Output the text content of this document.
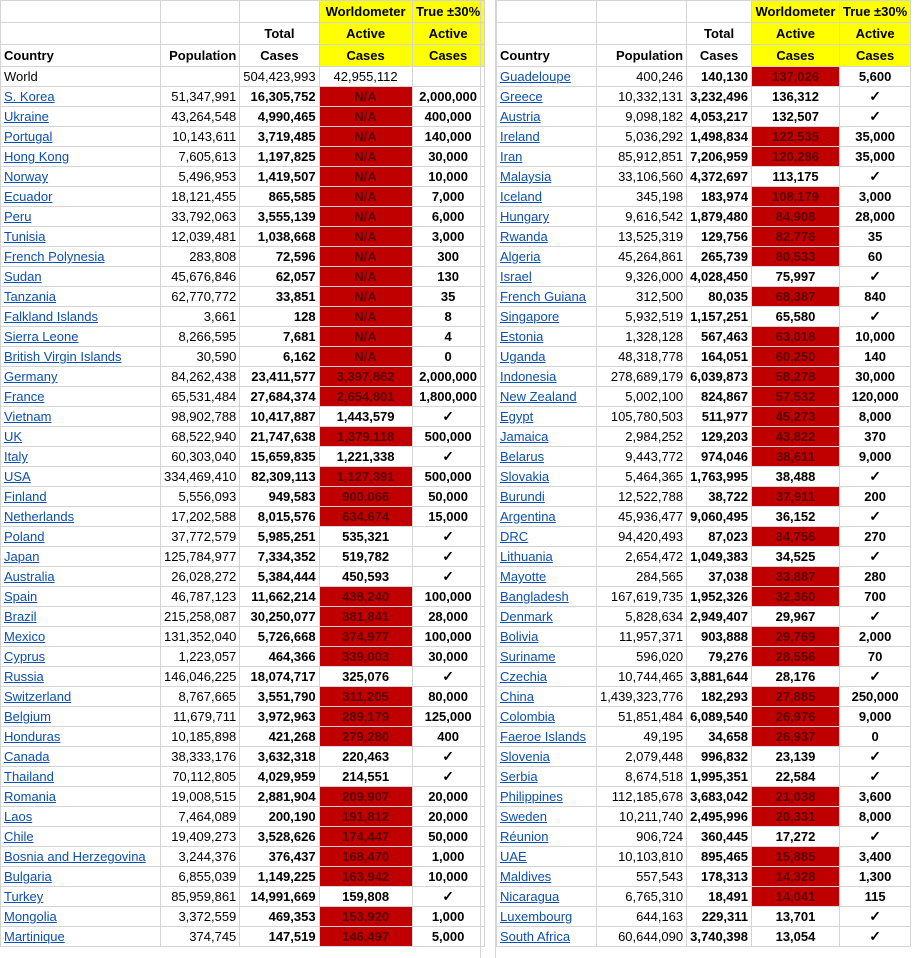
			Worldometer	True ±30%
		Total	Active	Active
Country	Population	Cases	Cases	Cases
World		504,423,993	42,955,112	
S. Korea	51,347,991	16,305,752	N/A	2,000,000
Ukraine	43,264,548	4,990,465	N/A	400,000
Portugal	10,143,611	3,719,485	N/A	140,000
Hong Kong	7,605,613	1,197,825	N/A	30,000
Norway	5,496,953	1,419,507	N/A	10,000
Ecuador	18,121,455	865,585	N/A	7,000
Peru	33,792,063	3,555,139	N/A	6,000
Tunisia	12,039,481	1,038,668	N/A	3,000
French Polynesia	283,808	72,596	N/A	300
Sudan	45,676,846	62,057	N/A	130
Tanzania	62,770,772	33,851	N/A	35
Falkland Islands	3,661	128	N/A	8
Sierra Leone	8,266,595	7,681	N/A	4
British Virgin Islands	30,590	6,162	N/A	0
Germany	84,262,438	23,411,577	3,397,862	2,000,000
France	65,531,484	27,684,374	2,654,801	1,800,000
Vietnam	98,902,788	10,417,887	1,443,579	✓
UK	68,522,940	21,747,638	1,379,118	500,000
Italy	60,303,040	15,659,835	1,221,338	✓
USA	334,469,410	82,309,113	1,127,391	500,000
Finland	5,556,093	949,583	900,066	50,000
Netherlands	17,202,588	8,015,576	634,674	15,000
Poland	37,772,579	5,985,251	535,321	✓
Japan	125,784,977	7,334,352	519,782	✓
Australia	26,028,272	5,384,444	450,593	✓
Spain	46,787,123	11,662,214	438,240	100,000
Brazil	215,258,087	30,250,077	381,841	28,000
Mexico	131,352,040	5,726,668	374,977	100,000
Cyprus	1,223,057	464,366	339,003	30,000
Russia	146,046,225	18,074,717	325,076	✓
Switzerland	8,767,665	3,551,790	311,205	80,000
Belgium	11,679,711	3,972,963	289,179	125,000
Honduras	10,185,898	421,268	279,280	400
Canada	38,333,176	3,632,318	220,463	✓
Thailand	70,112,805	4,029,959	214,551	✓
Romania	19,008,515	2,881,904	209,907	20,000
Laos	7,464,089	200,190	191,812	20,000
Chile	19,409,273	3,528,626	174,447	50,000
Bosnia and Herzegovina	3,244,376	376,437	168,470	1,000
Bulgaria	6,855,039	1,149,225	163,942	10,000
Turkey	85,959,861	14,991,669	159,808	✓
Mongolia	3,372,559	469,353	153,920	1,000
Martinique	374,745	147,519	146,497	5,000
			Worldometer	True ±30%
		Total	Active	Active
Country	Population	Cases	Cases	Cases
Guadeloupe	400,246	140,130	137,026	5,600
Greece	10,332,131	3,232,496	136,312	✓
Austria	9,098,182	4,053,217	132,507	✓
Ireland	5,036,292	1,498,834	122,535	35,000
Iran	85,912,851	7,206,959	120,286	35,000
Malaysia	33,106,560	4,372,697	113,175	✓
Iceland	345,198	183,974	108,179	3,000
Hungary	9,616,542	1,879,480	84,908	28,000
Rwanda	13,525,319	129,756	82,776	35
Algeria	45,264,861	265,739	80,533	60
Israel	9,326,000	4,028,450	75,997	✓
French Guiana	312,500	80,035	68,387	840
Singapore	5,932,519	1,157,251	65,580	✓
Estonia	1,328,128	567,463	63,018	10,000
Uganda	48,318,778	164,051	60,250	140
Indonesia	278,689,179	6,039,873	58,278	30,000
New Zealand	5,002,100	824,867	57,532	120,000
Egypt	105,780,503	511,977	45,273	8,000
Jamaica	2,984,252	129,203	43,822	370
Belarus	9,443,772	974,046	38,611	9,000
Slovakia	5,464,365	1,763,995	38,488	✓
Burundi	12,522,788	38,722	37,911	200
Argentina	45,936,477	9,060,495	36,152	✓
DRC	94,420,493	87,023	34,756	270
Lithuania	2,654,472	1,049,383	34,525	✓
Mayotte	284,565	37,038	33,887	280
Bangladesh	167,619,735	1,952,326	32,360	700
Denmark	5,828,634	2,949,407	29,967	✓
Bolivia	11,957,371	903,888	29,769	2,000
Suriname	596,020	79,276	28,556	70
Czechia	10,744,465	3,881,644	28,176	✓
China	1,439,323,776	182,293	27,885	250,000
Colombia	51,851,484	6,089,540	26,976	9,000
Faeroe Islands	49,195	34,658	26,937	0
Slovenia	2,079,448	996,832	23,139	✓
Serbia	8,674,518	1,995,351	22,584	✓
Philippines	112,185,678	3,683,042	21,038	3,600
Sweden	10,211,740	2,495,996	20,331	8,000
Réunion	906,724	360,445	17,272	✓
UAE	10,103,810	895,465	15,885	3,400
Maldives	557,543	178,313	14,328	1,300
Nicaragua	6,765,310	18,491	14,041	115
Luxembourg	644,163	229,311	13,701	✓
South Africa	60,644,090	3,740,398	13,054	✓
